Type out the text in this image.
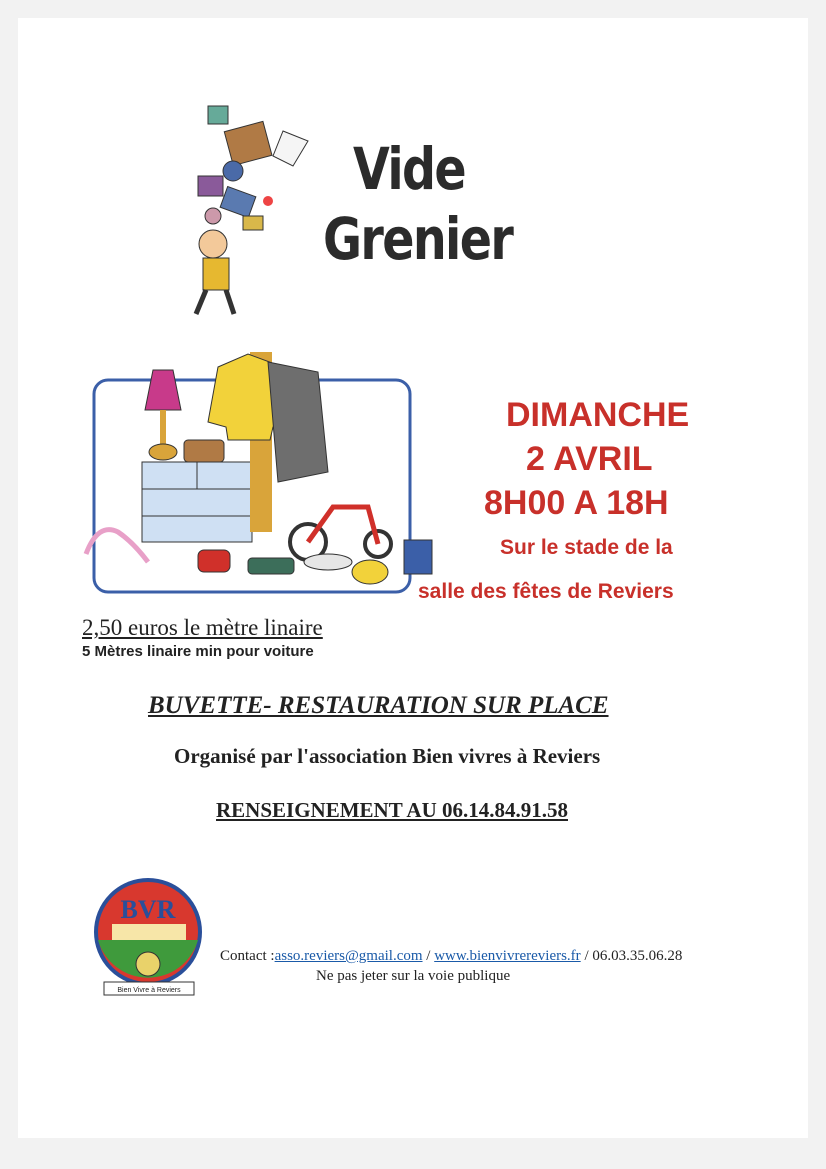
Vide
Grenier
DIMANCHE
2 AVRIL
8H00 A 18H
Sur le stade de la
salle des fêtes de Reviers
2,50 euros le mètre linaire
5 Mètres linaire min pour voiture
BUVETTE- RESTAURATION SUR PLACE
Organisé par l'association Bien vivres à Reviers
RENSEIGNEMENT AU 06.14.84.91.58
BVR
Bien Vivre à Reviers
Contact :asso.reviers@gmail.com / www.bienvivrereviers.fr / 06.03.35.06.28
Ne pas jeter sur la voie publique
